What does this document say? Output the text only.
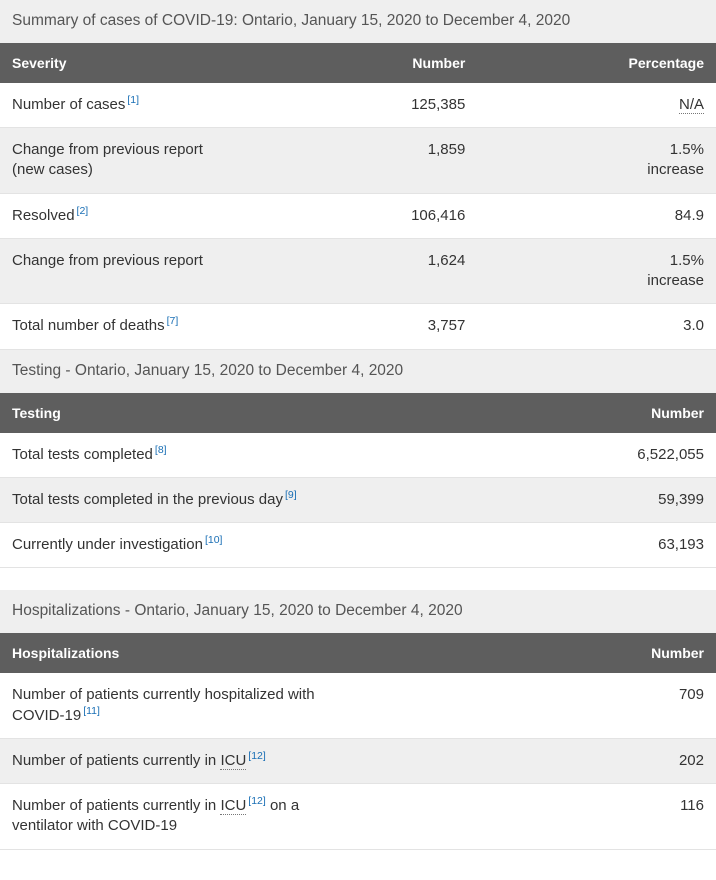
Summary of cases of COVID-19: Ontario, January 15, 2020 to December 4, 2020		
Severity	Number	Percentage
Number of cases [1]	125,385	N/A
Change from previous report (new cases)	1,859	1.5%
increase

Resolved [2]	106,416	84.9
Change from previous report	1,624	1.5%
increase

Total number of deaths [7]	3,757	3.0
Testing - Ontario, January 15, 2020 to December 4, 2020	
Testing	Number
Total tests completed [8]	6,522,055
Total tests completed in the previous day [9]	59,399
Currently under investigation [10]	63,193
Hospitalizations - Ontario, January 15, 2020 to December 4, 2020	
Hospitalizations	Number
Number of patients currently hospitalized with COVID-19 [11]	709
Number of patients currently in ICU [12]	202
Number of patients currently in ICU [12] on a ventilator with COVID-19	116
